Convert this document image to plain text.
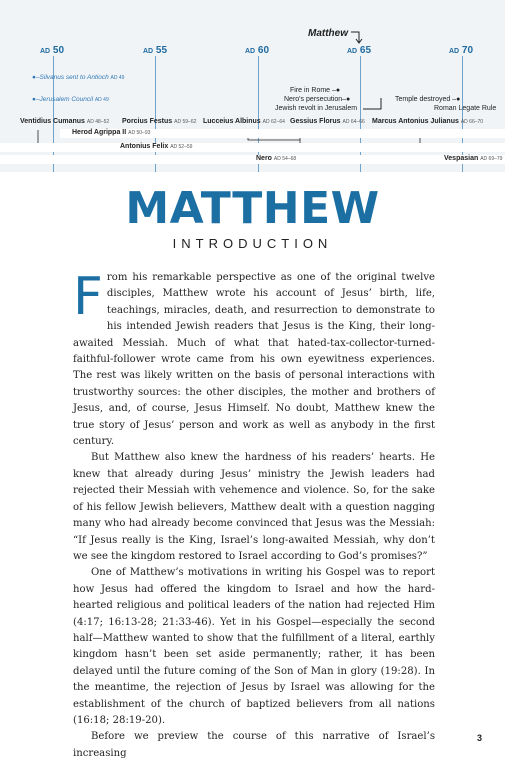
Matthew
AD 50	AD 55	AD 60	AD 65	AD 70
●–Silvanus sent to Antioch AD 49
●–Jerusalem Council AD 49
Fire in Rome –●
Nero's persecution–●
Jewish revolt in Jerusalem
Temple destroyed –●
Roman Legate Rule
Ventidius Cumanus AD 48–52 Porcius Festus AD 59–62 Lucceius Albinus AD 62–64 Gessius Florus AD 64–66 Marcus Antonius Julianus AD 66–70
Herod Agrippa II AD 50–93
Antonius Felix AD 52–59
Nero AD 54–68	Vespasian AD 69–79
MATTHEW
INTRODUCTION

From his remarkable perspective as one of the original twelve disciples, Matthew wrote his account of Jesus’ birth, life, teachings, miracles, death, and resurrection to demonstrate to his intended Jewish readers that Jesus is the King, their long-awaited Messiah. Much of what that hated-tax-collector-turned-faithful-follower wrote came from his own eyewitness experiences. The rest was likely written on the basis of personal interactions with trustworthy sources: the other disciples, the mother and brothers of Jesus, and, of course, Jesus Himself. No doubt, Matthew knew the true story of Jesus’ person and work as well as anybody in the first century.

But Matthew also knew the hardness of his readers’ hearts. He knew that already during Jesus’ ministry the Jewish leaders had rejected their Messiah with vehemence and violence. So, for the sake of his fellow Jewish believers, Matthew dealt with a question nagging many who had already become convinced that Jesus was the Messiah: “If Jesus really is the King, Israel’s long-awaited Messiah, why don’t we see the kingdom restored to Israel according to God’s promises?”

One of Matthew’s motivations in writing his Gospel was to report how Jesus had offered the kingdom to Israel and how the hard-hearted religious and political leaders of the nation had rejected Him (4:17; 16:13-28; 21:33-46). Yet in his Gospel—especially the second half—Matthew wanted to show that the fulfillment of a literal, earthly kingdom hasn’t been set aside permanently; rather, it has been delayed until the future coming of the Son of Man in glory (19:28). In the meantime, the rejection of Jesus by Israel was allowing for the establishment of the church of baptized believers from all nations (16:18; 28:19-20).

Before we preview the course of this narrative of Israel’s increasing

3
